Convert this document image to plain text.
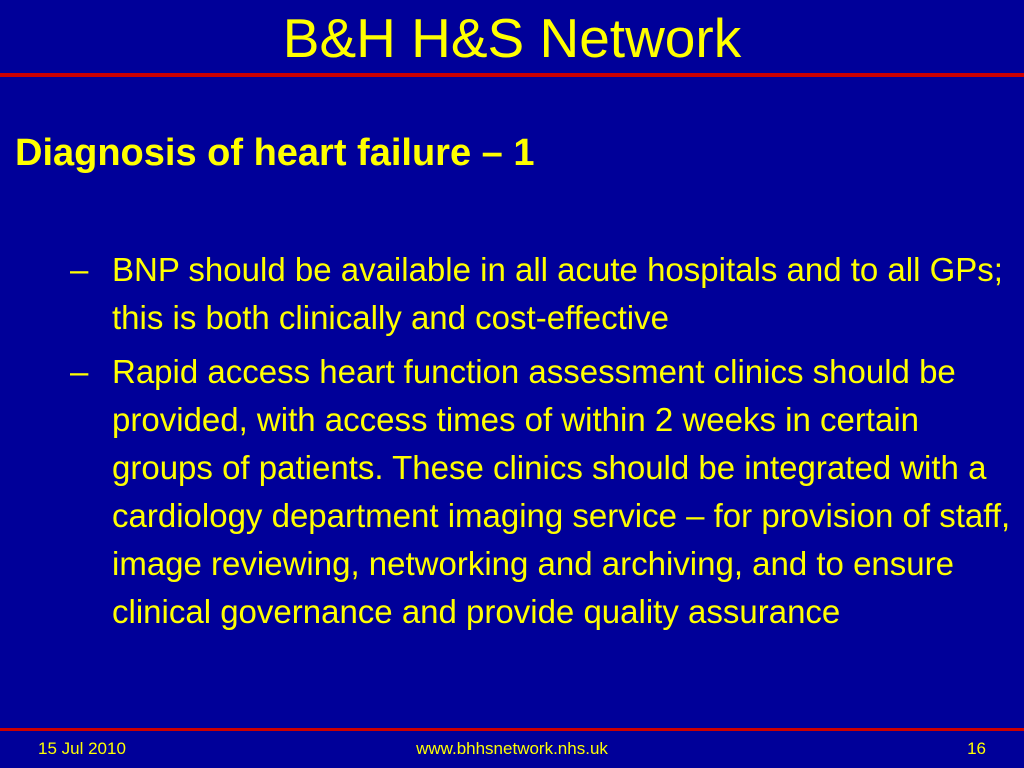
B&H H&S Network
Diagnosis of heart failure – 1
– BNP should be available in all acute hospitals and to all GPs; this is both clinically and cost-effective
– Rapid access heart function assessment clinics should be provided, with access times of within 2 weeks in certain groups of patients. These clinics should be integrated with a cardiology department imaging service – for provision of staff, image reviewing, networking and archiving, and to ensure clinical governance and provide quality assurance
15 Jul 2010	www.bhhsnetwork.nhs.uk	16
